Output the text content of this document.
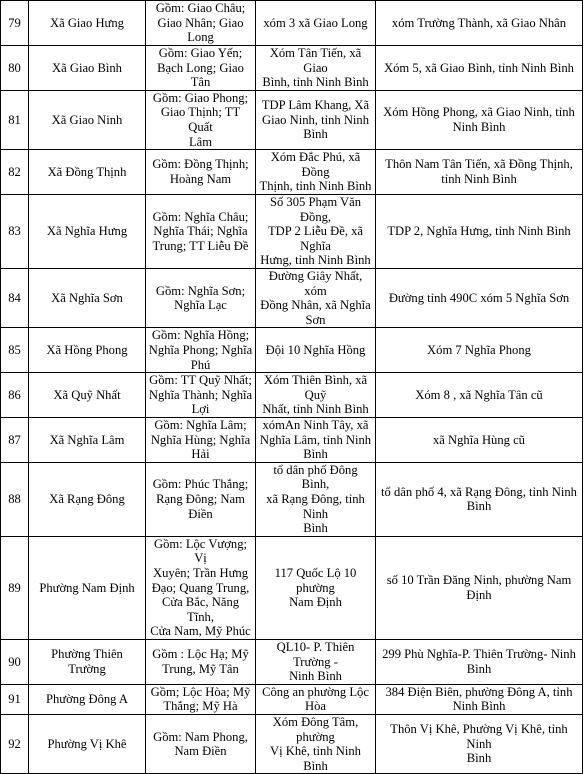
79	Xã Giao Hưng	Gồm: Giao Châu;
Giao Nhân; Giao
Long	xóm 3 xã Giao Long	xóm Trường Thành, xã Giao Nhân
80	Xã Giao Bình	Gồm: Giao Yến;
Bạch Long; Giao Tân	Xóm Tân Tiến, xã Giao
Bình, tỉnh Ninh Bình	Xóm 5, xã Giao Bình, tỉnh Ninh Bình
81	Xã Giao Ninh	Gồm: Giao Phong;
Giao Thịnh; TT Quất
Lâm	TDP Lâm Khang, Xã
Giao Ninh, tỉnh Ninh
Bình	Xóm Hồng Phong, xã Giao Ninh, tỉnh
Ninh Bình
82	Xã Đồng Thịnh	Gồm: Đồng Thịnh;
Hoàng Nam	Xóm Đắc Phú, xã Đồng
Thịnh, tỉnh Ninh Bình	Thôn Nam Tân Tiến, xã Đồng Thịnh,
tỉnh Ninh Bình
83	Xã Nghĩa Hưng	Gồm: Nghĩa Châu;
Nghĩa Thái; Nghĩa
Trung; TT Liễu Đề	Số 305 Phạm Văn Đồng,
TDP 2 Liễu Đề, xã Nghĩa
Hưng, tỉnh Ninh Bình	TDP 2, Nghĩa Hưng, tỉnh Ninh Bình
84	Xã Nghĩa Sơn	Gồm: Nghĩa Sơn;
Nghĩa Lạc	Đường Giây Nhất, xóm
Đồng Nhân, xã Nghĩa Sơn	Đường tỉnh 490C xóm 5 Nghĩa Sơn
85	Xã Hồng Phong	Gồm: Nghĩa Hồng;
Nghĩa Phong; Nghĩa
Phú	Đội 10 Nghĩa Hồng	Xóm 7 Nghĩa Phong
86	Xã Quỹ Nhất	Gồm: TT Quỹ Nhất;
Nghĩa Thành; Nghĩa
Lợi	Xóm Thiên Bình, xã Quỹ
Nhất, tỉnh Ninh Bình	Xóm 8 , xã Nghĩa Tân cũ
87	Xã Nghĩa Lâm	Gồm: Nghĩa Lâm;
Nghĩa Hùng; Nghĩa
Hải	xómAn Ninh Tây, xã
Nghĩa Lâm, tỉnh Ninh
Bình	xã Nghĩa Hùng cũ
88	Xã Rạng Đông	Gồm: Phúc Thắng;
Rạng Đông; Nam
Điền	tổ dân phố Đông Bình,
xã Rạng Đông, tỉnh Ninh
Bình	tổ dân phố 4, xã Rạng Đông, tỉnh Ninh
Bình
89	Phường Nam Định	Gồm: Lộc Vượng; Vị
Xuyên; Trần Hưng
Đạo; Quang Trung,
Cửa Bắc, Năng Tĩnh,
Cửa Nam, Mỹ Phúc	117 Quốc Lộ 10 phường
Nam Định	số 10 Trần Đăng Ninh, phường Nam
Định
90	Phường Thiên
Trường	Gồm : Lộc Hạ; Mỹ
Trung, Mỹ Tân	QL10- P. Thiên Trường -
Ninh Bình	299 Phù Nghĩa-P. Thiên Trường- Ninh
Bình
91	Phường Đông A	Gồm; Lộc Hòa; Mỹ
Thắng; Mỹ Hà	Công an phường Lộc Hòa	384 Điện Biên, phường Đông A, tỉnh
Ninh Bình
92	Phường Vị Khê	Gồm: Nam Phong,
Nam Điền	Xóm Đông Tâm, phường
Vị Khê, tỉnh Ninh Bình	Thôn Vị Khê, Phường Vị Khê, tỉnh Ninh
Bình
